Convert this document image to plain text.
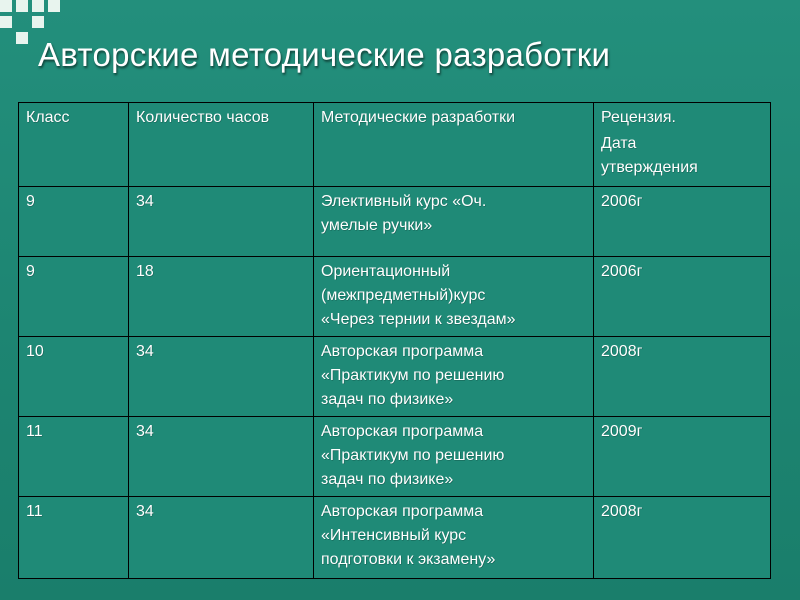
Авторские методические разработки
Класс	Количество часов	Методические разработки	Рецензия.
Дата
утверждения

9	34	Элективный курс «Оч.
умелые ручки»	2006г

9	18	Ориентационный
(межпредметный)курс
«Через тернии к звездам»	2006г

10	34	Авторская программа
«Практикум по решению
задач по физике»	2008г

11	34	Авторская программа
«Практикум по решению
задач по физике»	2009г

11	34	Авторская программа
«Интенсивный курс
подготовки к экзамену»	2008г
